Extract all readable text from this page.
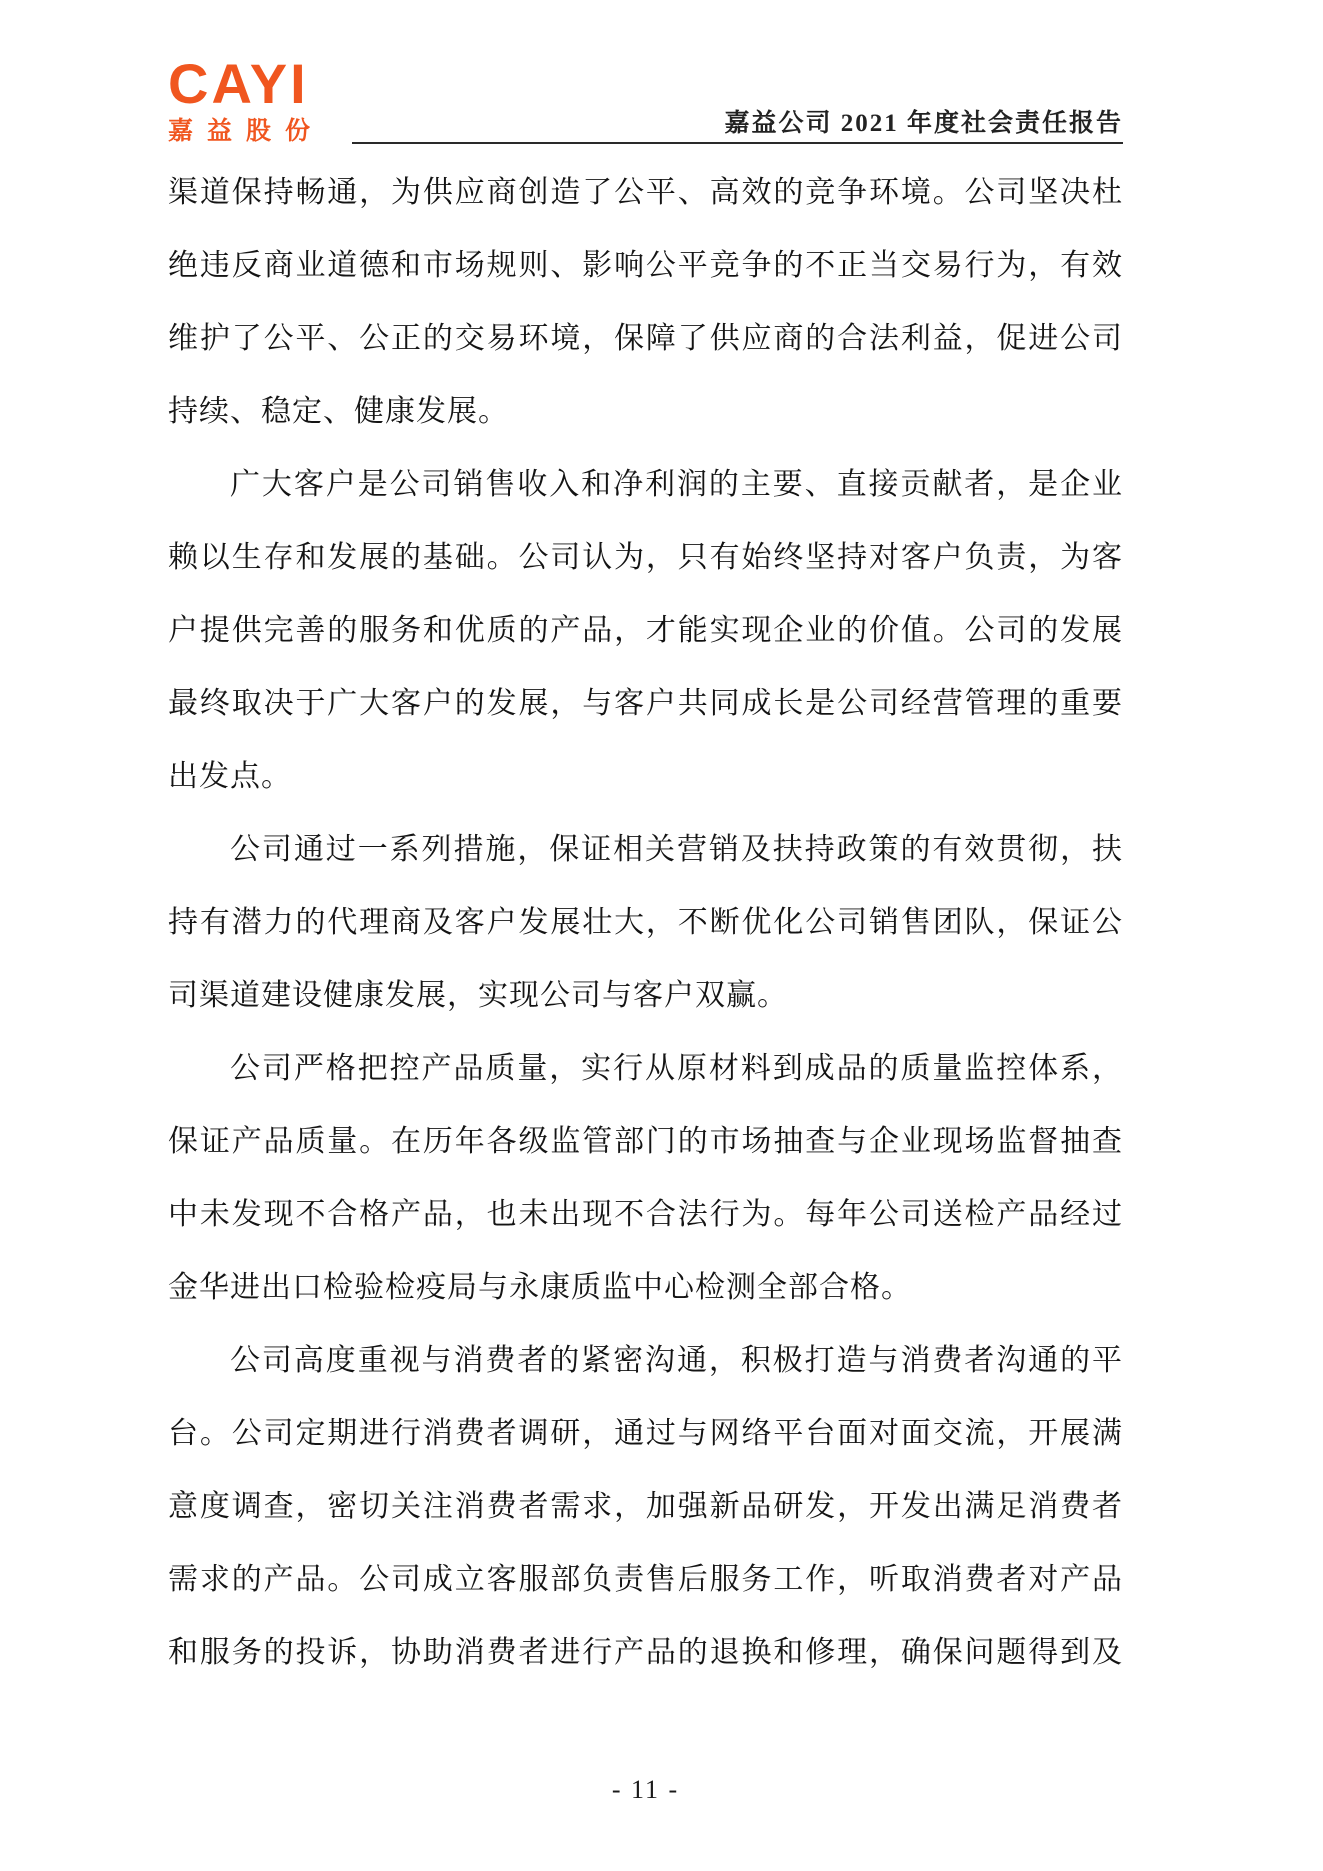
CAYI
嘉益股份	嘉益公司 2021 年度社会责任报告
渠道保持畅通，为供应商创造了公平、高效的竞争环境。公司坚决杜
绝违反商业道德和市场规则、影响公平竞争的不正当交易行为，有效
维护了公平、公正的交易环境，保障了供应商的合法利益，促进公司
持续、稳定、健康发展。
广大客户是公司销售收入和净利润的主要、直接贡献者，是企业
赖以生存和发展的基础。公司认为，只有始终坚持对客户负责，为客
户提供完善的服务和优质的产品，才能实现企业的价值。公司的发展
最终取决于广大客户的发展，与客户共同成长是公司经营管理的重要
出发点。
公司通过一系列措施，保证相关营销及扶持政策的有效贯彻，扶
持有潜力的代理商及客户发展壮大，不断优化公司销售团队，保证公
司渠道建设健康发展，实现公司与客户双赢。
公司严格把控产品质量，实行从原材料到成品的质量监控体系，
保证产品质量。在历年各级监管部门的市场抽查与企业现场监督抽查
中未发现不合格产品，也未出现不合法行为。每年公司送检产品经过
金华进出口检验检疫局与永康质监中心检测全部合格。
公司高度重视与消费者的紧密沟通，积极打造与消费者沟通的平
台。公司定期进行消费者调研，通过与网络平台面对面交流，开展满
意度调查，密切关注消费者需求，加强新品研发，开发出满足消费者
需求的产品。公司成立客服部负责售后服务工作，听取消费者对产品
和服务的投诉，协助消费者进行产品的退换和修理，确保问题得到及
- 11 -
